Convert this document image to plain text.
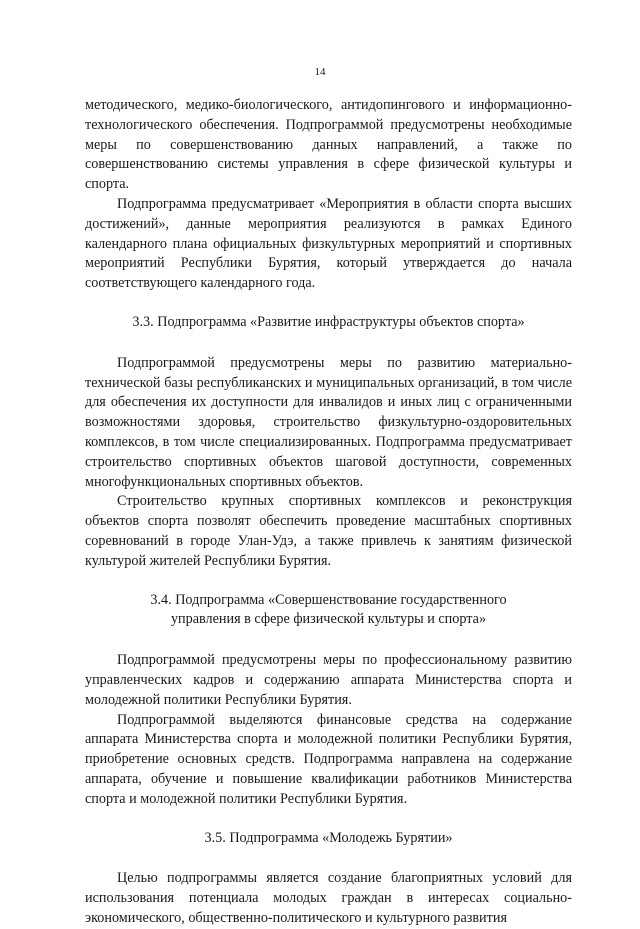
14

методического, медико-биологического, антидопингового и информационно-технологического обеспечения. Подпрограммой предусмотрены необходимые меры по совершенствованию данных направлений, а также по совершенствованию системы управления в сфере физической культуры и спорта.

Подпрограмма предусматривает «Мероприятия в области спорта высших достижений», данные мероприятия реализуются в рамках Единого календарного плана официальных физкультурных мероприятий и спортивных мероприятий Республики Бурятия, который утверждается до начала соответствующего календарного года.

3.3. Подпрограмма «Развитие инфраструктуры объектов спорта»

Подпрограммой предусмотрены меры по развитию материально-технической базы республиканских и муниципальных организаций, в том числе для обеспечения их доступности для инвалидов и иных лиц с ограниченными возможностями здоровья, строительство физкультурно-оздоровительных комплексов, в том числе специализированных. Подпрограмма предусматривает строительство спортивных объектов шаговой доступности, современных многофункциональных спортивных объектов.

Строительство крупных спортивных комплексов и реконструкция объектов спорта позволят обеспечить проведение масштабных спортивных соревнований в городе Улан-Удэ, а также привлечь к занятиям физической культурой жителей Республики Бурятия.

3.4. Подпрограмма «Совершенствование государственного управления в сфере физической культуры и спорта»

Подпрограммой предусмотрены меры по профессиональному развитию управленческих кадров и содержанию аппарата Министерства спорта и молодежной политики Республики Бурятия.

Подпрограммой выделяются финансовые средства на содержание аппарата Министерства спорта и молодежной политики Республики Бурятия, приобретение основных средств. Подпрограмма направлена на содержание аппарата, обучение и повышение квалификации работников Министерства спорта и молодежной политики Республики Бурятия.

3.5. Подпрограмма «Молодежь Бурятии»

Целью подпрограммы является создание благоприятных условий для использования потенциала молодых граждан в интересах социально-экономического, общественно-политического и культурного развития
